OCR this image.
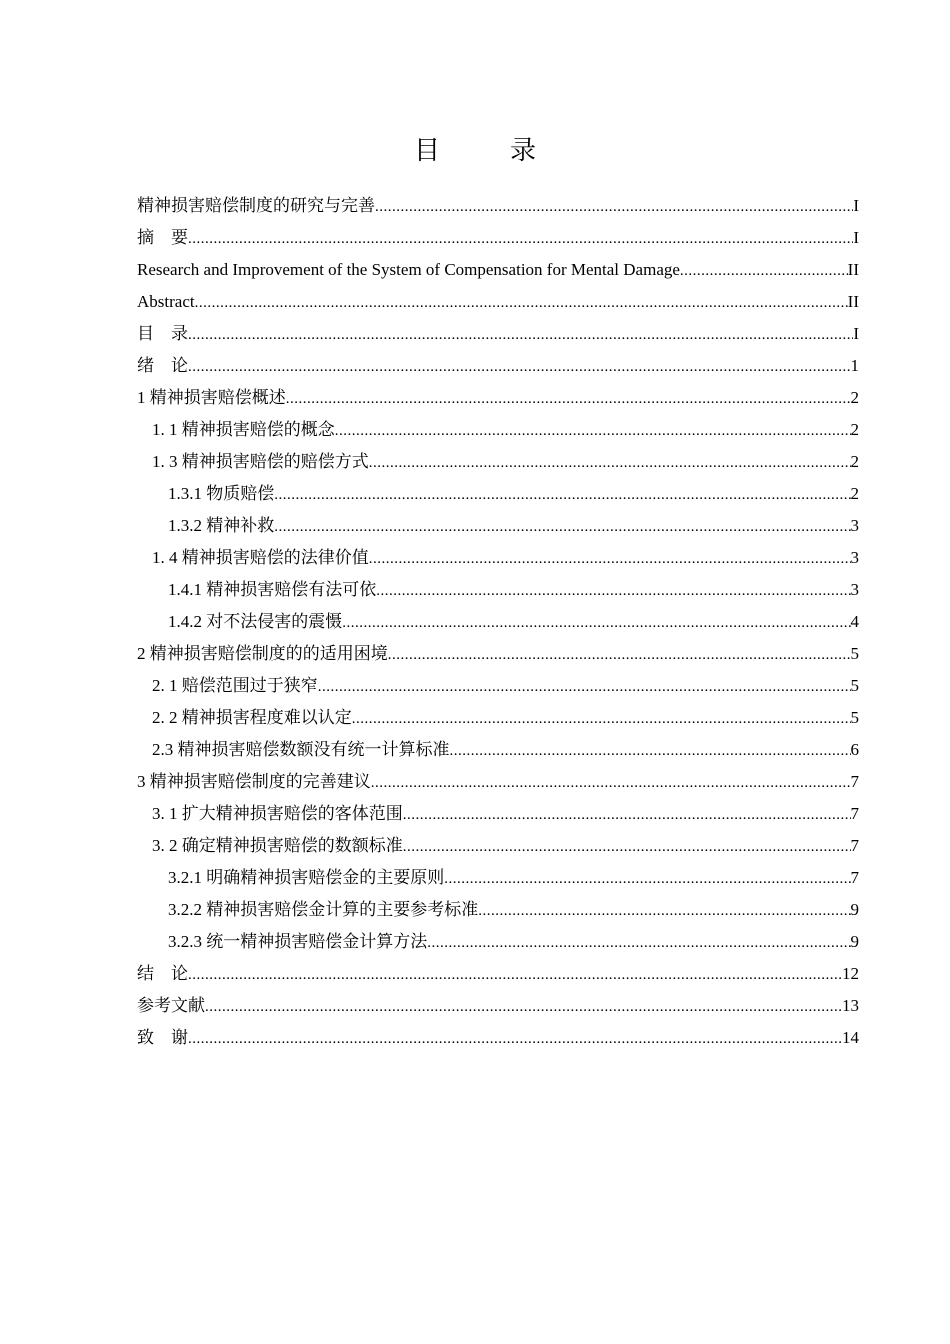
目　录
精神损害赔偿制度的研究与完善 .....	I
摘　要 .....	I
Research and Improvement of the System of Compensation for Mental Damage .....	II
Abstract .....	II
目　录 .....	I
绪　论 .....	1
1 精神损害赔偿概述 .....	2
1. 1 精神损害赔偿的概念 .....	2
1. 3 精神损害赔偿的赔偿方式 .....	2
1.3.1 物质赔偿 .....	2
1.3.2 精神补救 .....	3
1. 4 精神损害赔偿的法律价值 .....	3
1.4.1 精神损害赔偿有法可依 .....	3
1.4.2 对不法侵害的震慑 .....	4
2 精神损害赔偿制度的的适用困境 .....	5
2. 1 赔偿范围过于狭窄 .....	5
2. 2 精神损害程度难以认定 .....	5
2.3 精神损害赔偿数额没有统一计算标准 .....	6
3 精神损害赔偿制度的完善建议 .....	7
3. 1 扩大精神损害赔偿的客体范围 .....	7
3. 2 确定精神损害赔偿的数额标准 .....	7
3.2.1 明确精神损害赔偿金的主要原则 .....	7
3.2.2 精神损害赔偿金计算的主要参考标准 .....	9
3.2.3 统一精神损害赔偿金计算方法 .....	9
结　论 .....	12
参考文献 .....	13
致　谢 .....	14
